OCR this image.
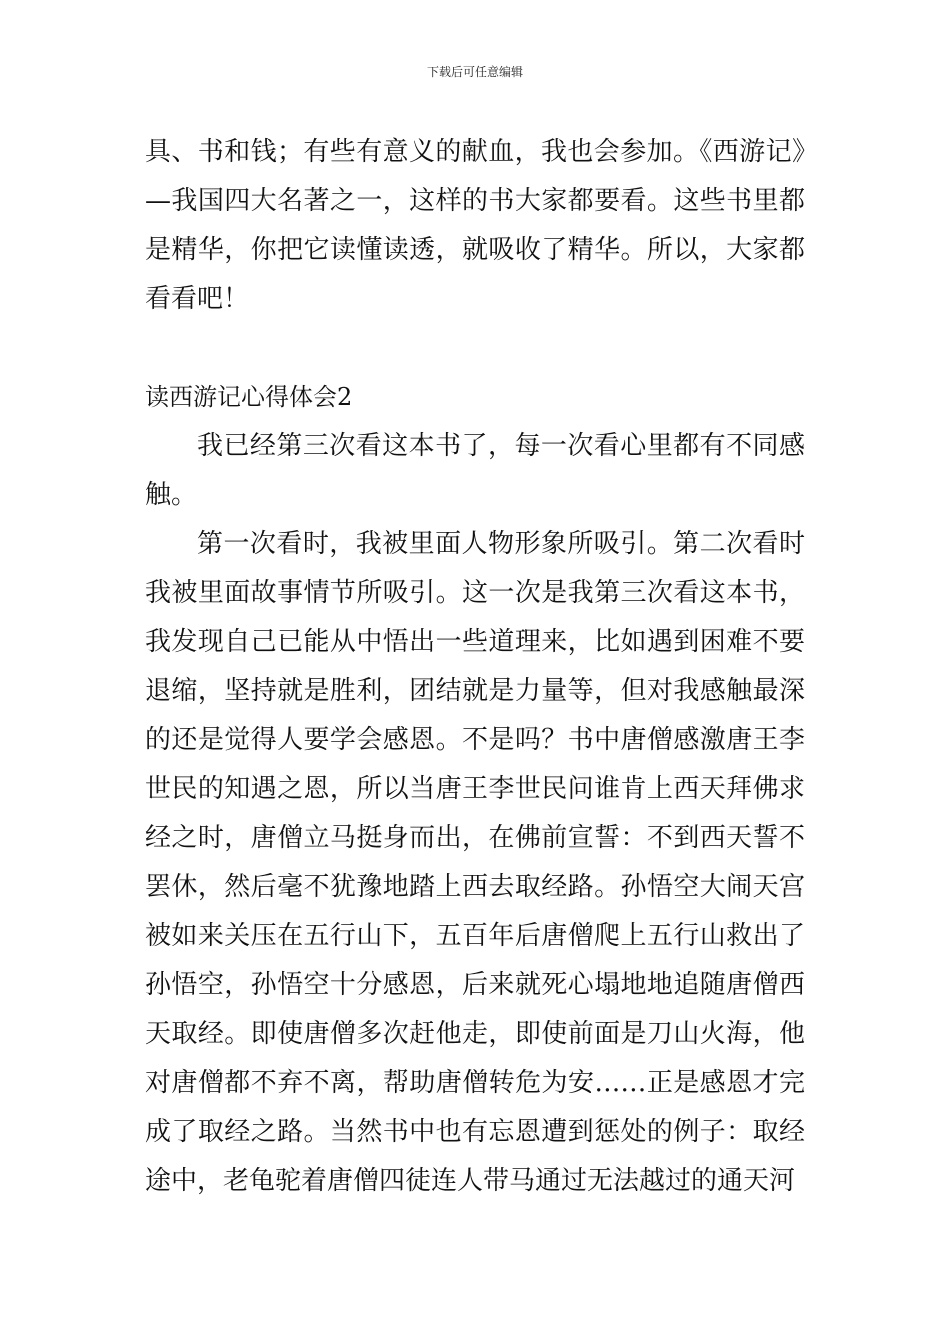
下载后可任意编辑

具、书和钱；有些有意义的献血，我也会参加。《西游记》—我国四大名著之一，这样的书大家都要看。这些书里都是精华，你把它读懂读透，就吸收了精华。所以，大家都看看吧！

读西游记心得体会2

我已经第三次看这本书了，每一次看心里都有不同感触。

第一次看时，我被里面人物形象所吸引。第二次看时我被里面故事情节所吸引。这一次是我第三次看这本书，我发现自己已能从中悟出一些道理来，比如遇到困难不要退缩，坚持就是胜利，团结就是力量等，但对我感触最深的还是觉得人要学会感恩。不是吗？书中唐僧感激唐王李世民的知遇之恩，所以当唐王李世民问谁肯上西天拜佛求经之时，唐僧立马挺身而出，在佛前宣誓：不到西天誓不罢休，然后毫不犹豫地踏上西去取经路。孙悟空大闹天宫被如来关压在五行山下，五百年后唐僧爬上五行山救出了孙悟空，孙悟空十分感恩，后来就死心塌地地追随唐僧西天取经。即使唐僧多次赶他走，即使前面是刀山火海，他对唐僧都不弃不离，帮助唐僧转危为安……正是感恩才完成了取经之路。当然书中也有忘恩遭到惩处的例子：取经途中，老龟驼着唐僧四徒连人带马通过无法越过的通天河
